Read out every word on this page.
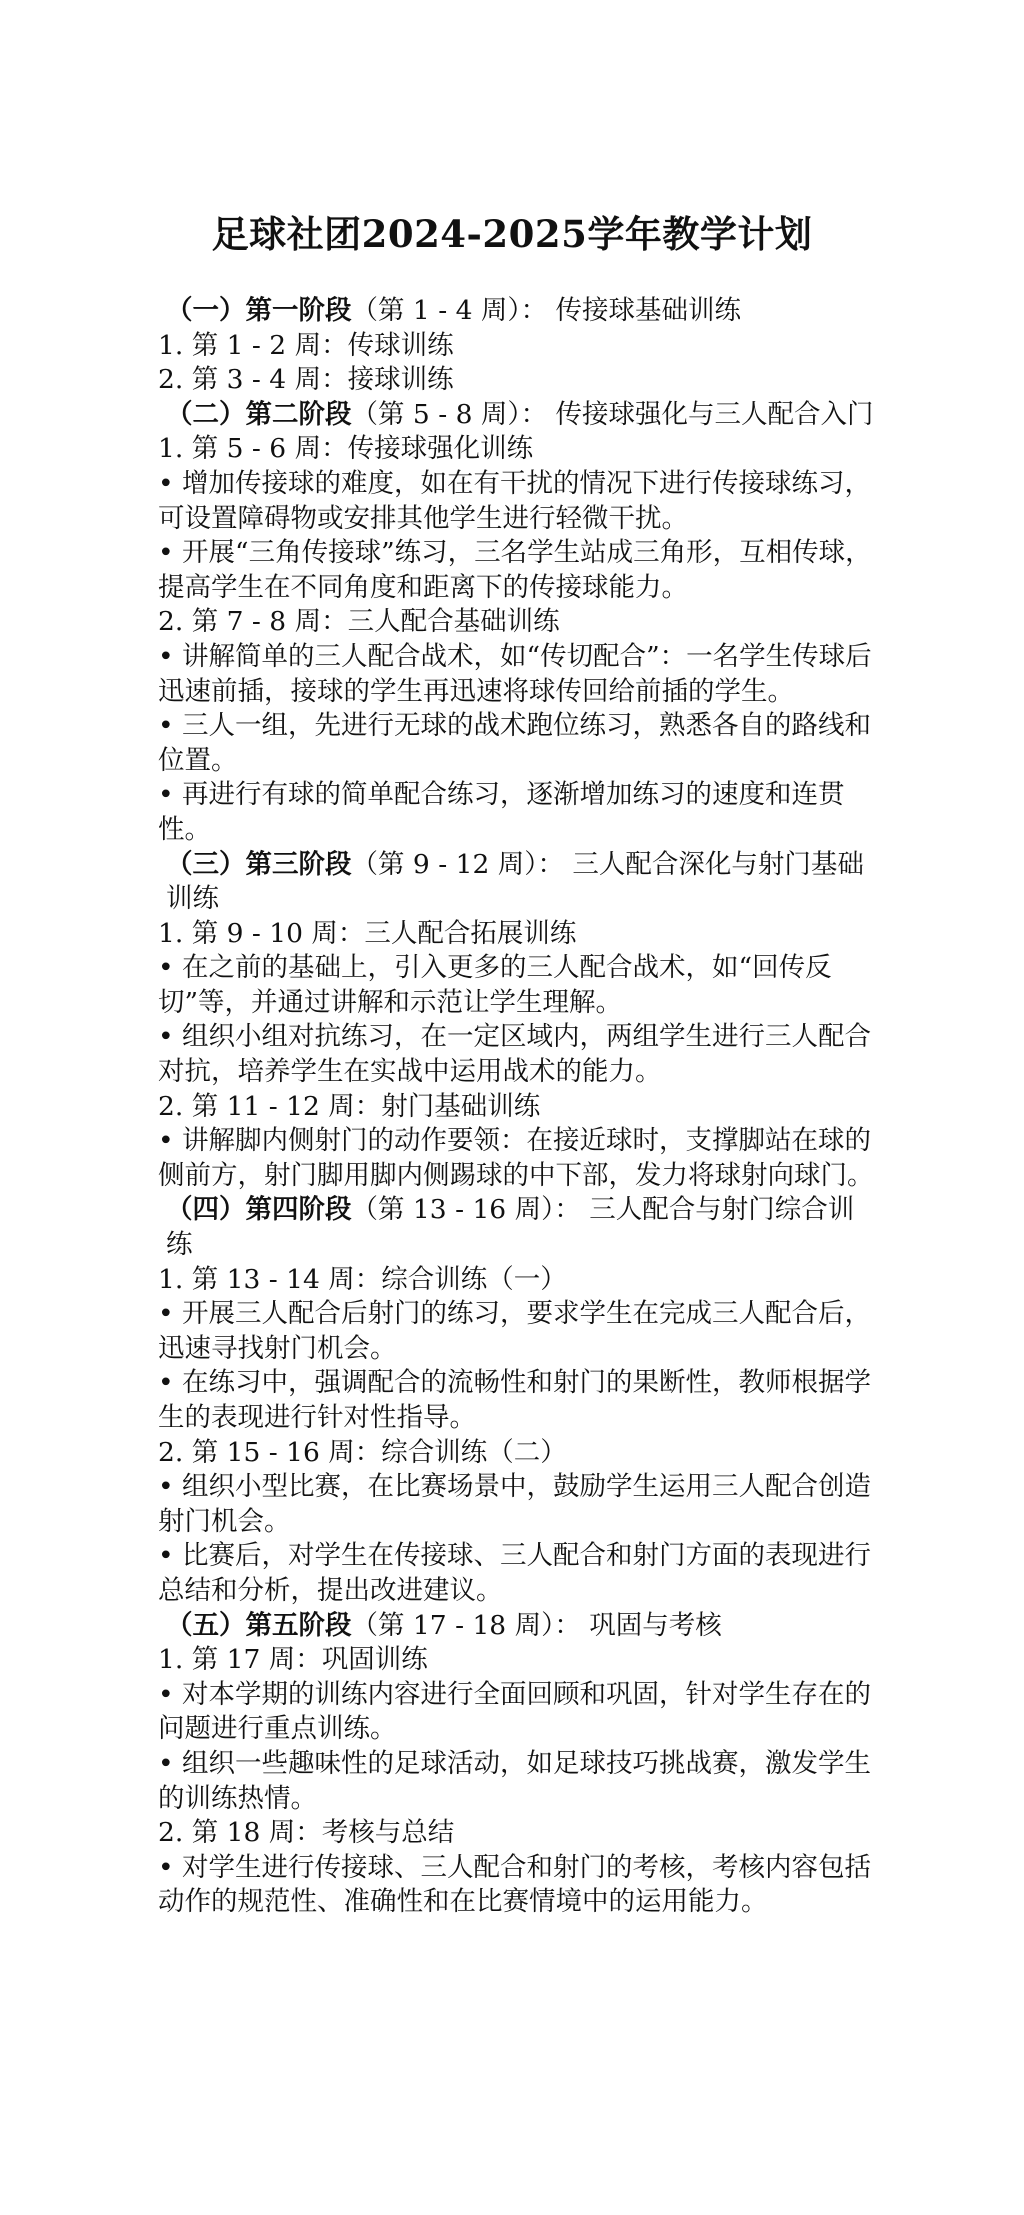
足球社团2024-2025学年教学计划

（一）第一阶段（第 1 - 4 周）： 传接球基础训练

1. 第 1 - 2 周：传球训练

2. 第 3 - 4 周：接球训练

（二）第二阶段（第 5 - 8 周）： 传接球强化与三人配合入门

1. 第 5 - 6 周：传接球强化训练

• 增加传接球的难度，如在有干扰的情况下进行传接球练习，可设置障碍物或安排其他学生进行轻微干扰。

• 开展“三角传接球”练习，三名学生站成三角形，互相传球，提高学生在不同角度和距离下的传接球能力。

2. 第 7 - 8 周：三人配合基础训练

• 讲解简单的三人配合战术，如“传切配合”：一名学生传球后迅速前插，接球的学生再迅速将球传回给前插的学生。

• 三人一组，先进行无球的战术跑位练习，熟悉各自的路线和位置。

• 再进行有球的简单配合练习，逐渐增加练习的速度和连贯性。

（三）第三阶段（第 9 - 12 周）： 三人配合深化与射门基础训练

1. 第 9 - 10 周：三人配合拓展训练

• 在之前的基础上，引入更多的三人配合战术，如“回传反切”等，并通过讲解和示范让学生理解。

• 组织小组对抗练习，在一定区域内，两组学生进行三人配合对抗，培养学生在实战中运用战术的能力。

2. 第 11 - 12 周：射门基础训练

• 讲解脚内侧射门的动作要领：在接近球时，支撑脚站在球的侧前方，射门脚用脚内侧踢球的中下部，发力将球射向球门。

（四）第四阶段（第 13 - 16 周）： 三人配合与射门综合训练

1. 第 13 - 14 周：综合训练（一）

• 开展三人配合后射门的练习，要求学生在完成三人配合后，迅速寻找射门机会。

• 在练习中，强调配合的流畅性和射门的果断性，教师根据学生的表现进行针对性指导。

2. 第 15 - 16 周：综合训练（二）

• 组织小型比赛，在比赛场景中，鼓励学生运用三人配合创造射门机会。

• 比赛后，对学生在传接球、三人配合和射门方面的表现进行总结和分析，提出改进建议。

（五）第五阶段（第 17 - 18 周）： 巩固与考核

1. 第 17 周：巩固训练

• 对本学期的训练内容进行全面回顾和巩固，针对学生存在的问题进行重点训练。

• 组织一些趣味性的足球活动，如足球技巧挑战赛，激发学生的训练热情。

2. 第 18 周：考核与总结

• 对学生进行传接球、三人配合和射门的考核，考核内容包括动作的规范性、准确性和在比赛情境中的运用能力。
